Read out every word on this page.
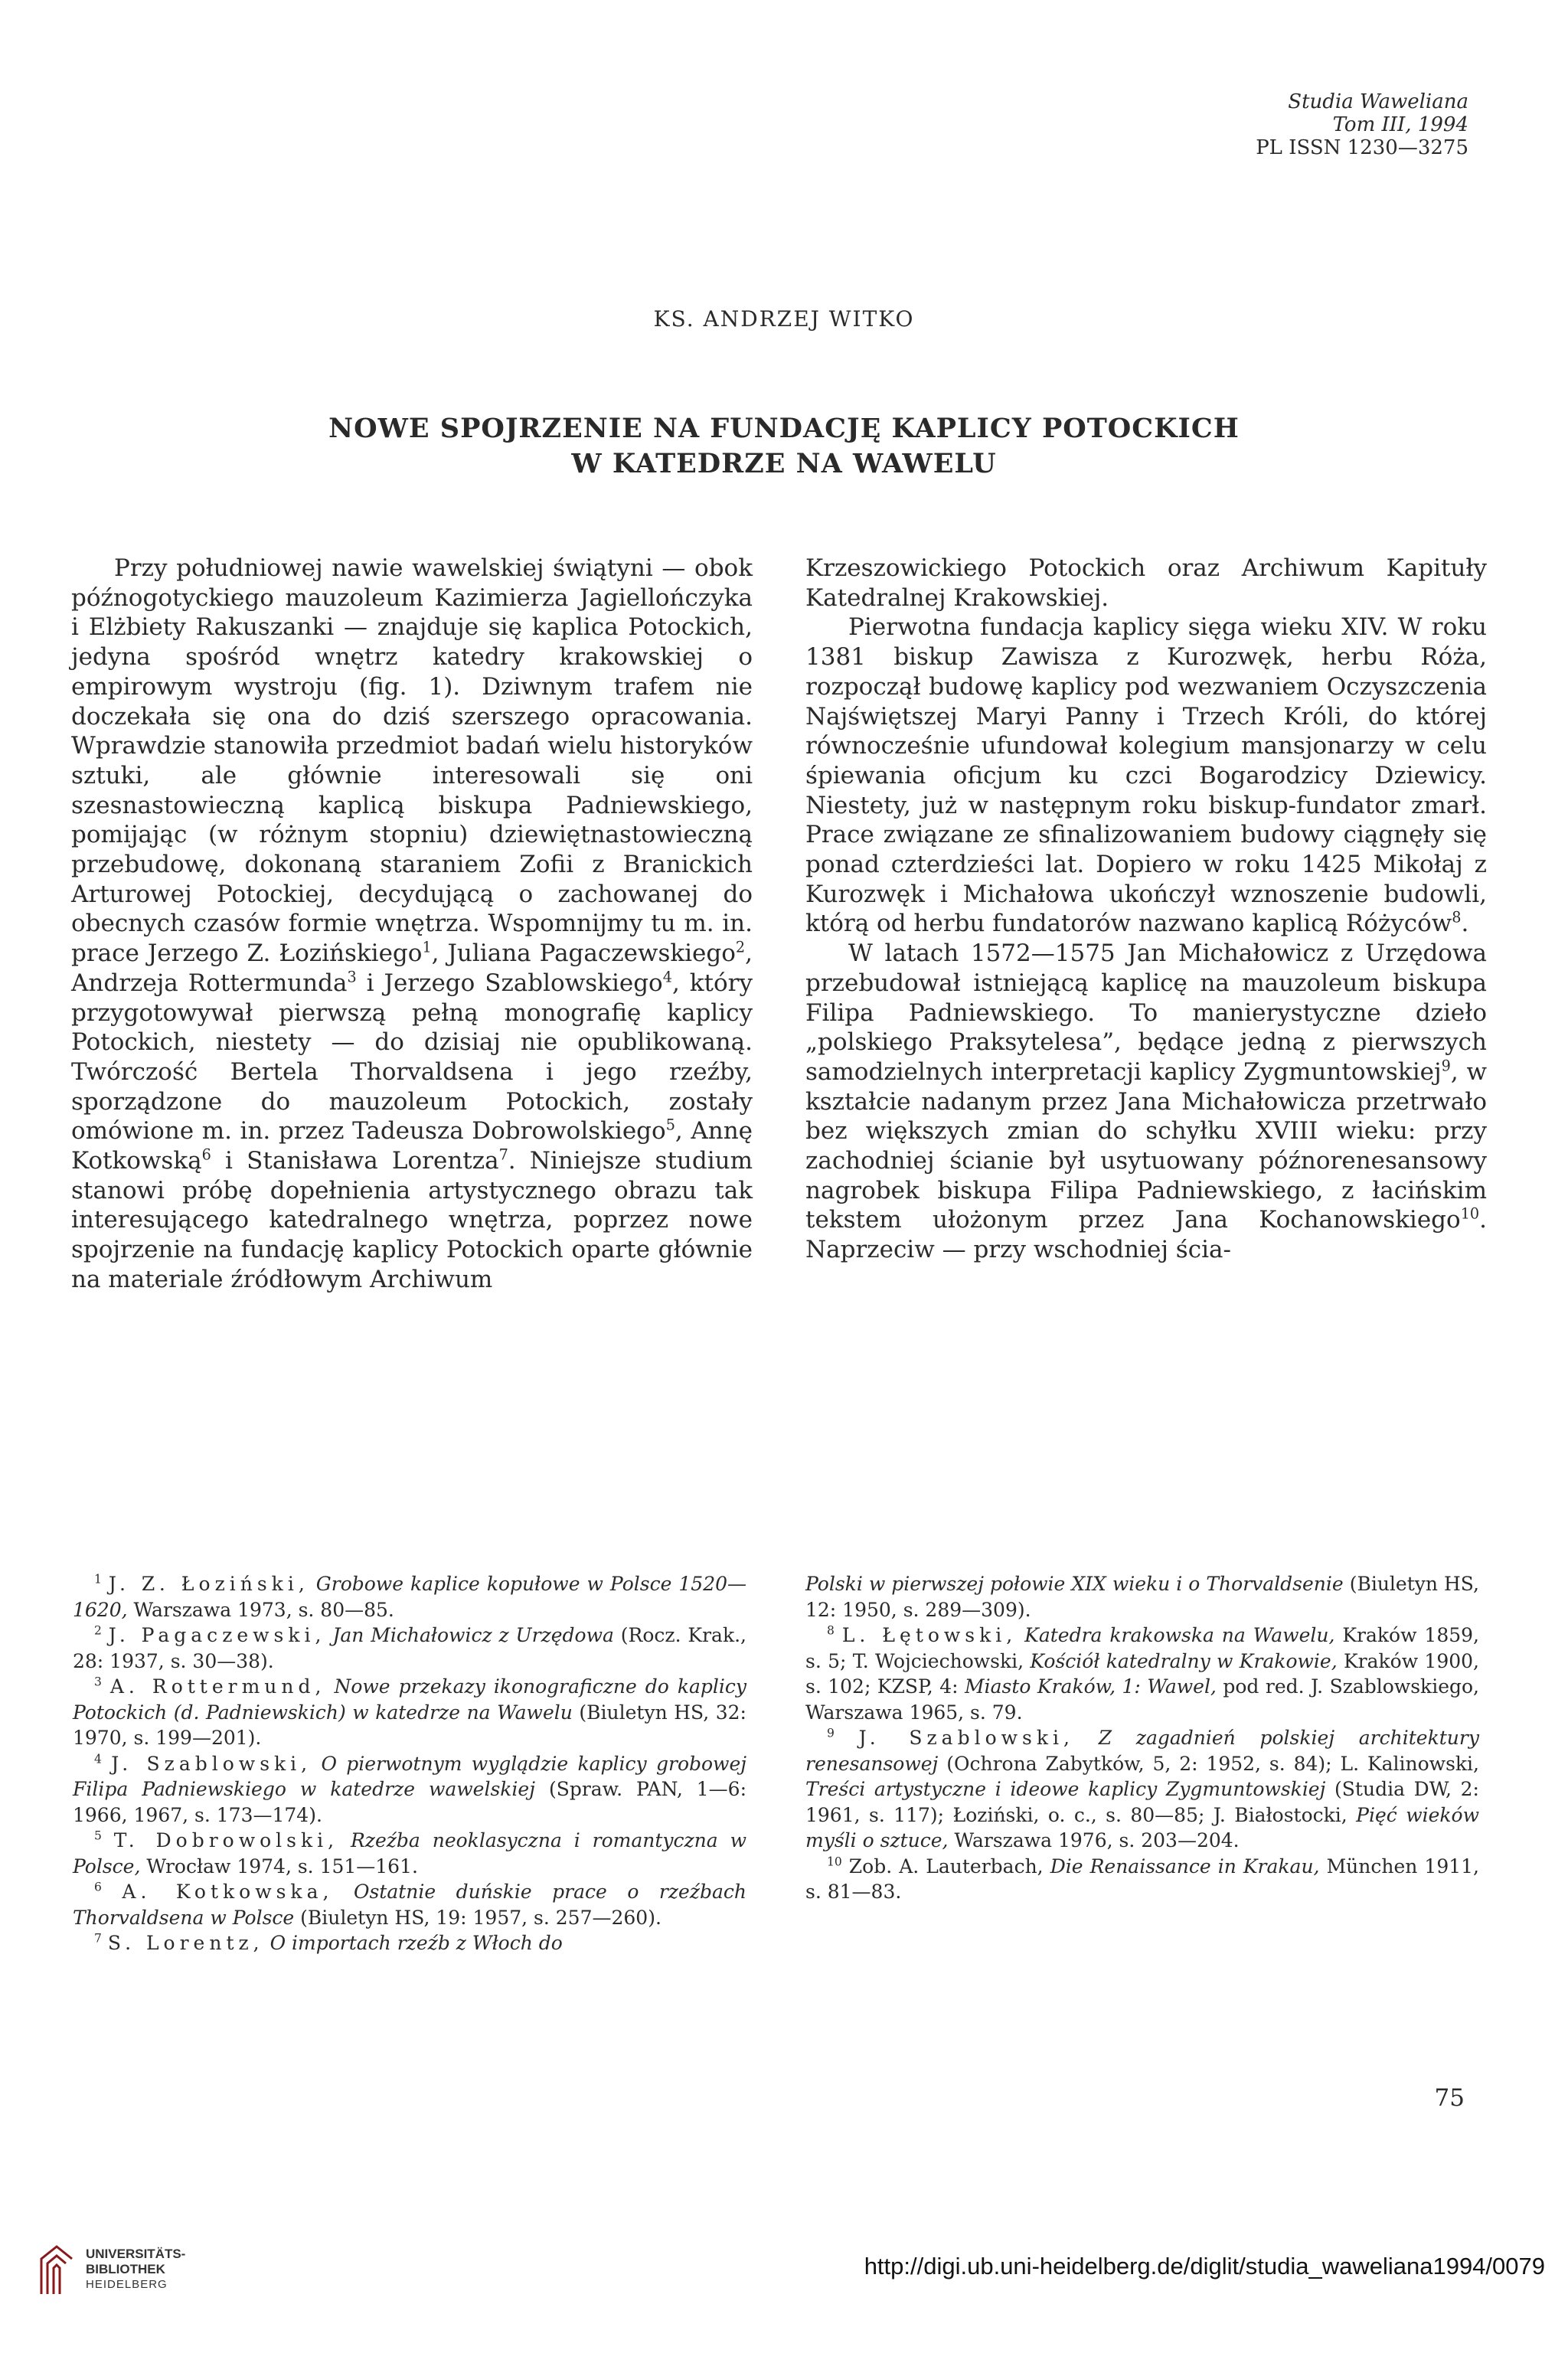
Studia Waweliana
Tom III, 1994
PL ISSN 1230—3275
KS. ANDRZEJ WITKO
NOWE SPOJRZENIE NA FUNDACJĘ KAPLICY POTOCKICH
W KATEDRZE NA WAWELU

Przy południowej nawie wawelskiej świątyni — obok późnogotyckiego mauzoleum Kazimierza Jagiellończyka i Elżbiety Rakuszanki — znajduje się kaplica Potockich, jedyna spośród wnętrz katedry krakowskiej o empirowym wystroju (fig. 1). Dziwnym trafem nie doczekała się ona do dziś szerszego opracowania. Wprawdzie stanowiła przedmiot badań wielu historyków sztuki, ale głównie interesowali się oni szesnastowieczną kaplicą biskupa Padniewskiego, pomijając (w różnym stopniu) dziewiętnastowieczną przebudowę, dokonaną staraniem Zofii z Branickich Arturowej Potockiej, decydującą o zachowanej do obecnych czasów formie wnętrza. Wspomnijmy tu m. in. prace Jerzego Z. Łozińskiego$^1$, Juliana Pagaczewskiego$^2$, Andrzeja Rottermunda$^3$ i Jerzego Szablowskiego$^4$, który przygotowywał pierwszą pełną monografię kaplicy Potockich, niestety — do dzisiaj nie opublikowaną. Twórczość Bertela Thorvaldsena i jego rzeźby, sporządzone do mauzoleum Potockich, zostały omówione m. in. przez Tadeusza Dobrowolskiego$^5$, Annę Kotkowską$^6$ i Stanisława Lorentza$^7$. Niniejsze studium stanowi próbę dopełnienia artystycznego obrazu tak interesującego katedralnego wnętrza, poprzez nowe spojrzenie na fundację kaplicy Potockich oparte głównie na materiale źródłowym Archiwum

Krzeszowickiego Potockich oraz Archiwum Kapituły Katedralnej Krakowskiej.

Pierwotna fundacja kaplicy sięga wieku XIV. W roku 1381 biskup Zawisza z Kurozwęk, herbu Róża, rozpoczął budowę kaplicy pod wezwaniem Oczyszczenia Najświętszej Maryi Panny i Trzech Króli, do której równocześnie ufundował kolegium mansjonarzy w celu śpiewania oficjum ku czci Bogarodzicy Dziewicy. Niestety, już w następnym roku biskup-fundator zmarł. Prace związane ze sfinalizowaniem budowy ciągnęły się ponad czterdzieści lat. Dopiero w roku 1425 Mikołaj z Kurozwęk i Michałowa ukończył wznoszenie budowli, którą od herbu fundatorów nazwano kaplicą Różyców$^8$.

W latach 1572—1575 Jan Michałowicz z Urzędowa przebudował istniejącą kaplicę na mauzoleum biskupa Filipa Padniewskiego. To manierystyczne dzieło „polskiego Praksytelesa”, będące jedną z pierwszych samodzielnych interpretacji kaplicy Zygmuntowskiej$^9$, w kształcie nadanym przez Jana Michałowicza przetrwało bez większych zmian do schyłku XVIII wieku: przy zachodniej ścianie był usytuowany późnorenesansowy nagrobek biskupa Filipa Padniewskiego, z łacińskim tekstem ułożonym przez Jana Kochanowskiego$^{10}$. Naprzeciw — przy wschodniej ścia-

$^1$ J. Z. Łoziński, Grobowe kaplice kopułowe w Polsce 1520—1620, Warszawa 1973, s. 80—85.

$^2$ J. Pagaczewski, Jan Michałowicz z Urzędowa (Rocz. Krak., 28: 1937, s. 30—38).

$^3$ A. Rottermund, Nowe przekazy ikonograficzne do kaplicy Potockich (d. Padniewskich) w katedrze na Wawelu (Biuletyn HS, 32: 1970, s. 199—201).

$^4$ J. Szablowski, O pierwotnym wyglądzie kaplicy grobowej Filipa Padniewskiego w katedrze wawelskiej (Spraw. PAN, 1—6: 1966, 1967, s. 173—174).

$^5$ T. Dobrowolski, Rzeźba neoklasyczna i romantyczna w Polsce, Wrocław 1974, s. 151—161.

$^6$ A. Kotkowska, Ostatnie duńskie prace o rzeźbach Thorvaldsena w Polsce (Biuletyn HS, 19: 1957, s. 257—260).

$^7$ S. Lorentz, O importach rzeźb z Włoch do

Polski w pierwszej połowie XIX wieku i o Thorvaldsenie (Biuletyn HS, 12: 1950, s. 289—309).

$^8$ L. Łętowski, Katedra krakowska na Wawelu, Kraków 1859, s. 5; T. Wojciechowski, Kościół katedralny w Krakowie, Kraków 1900, s. 102; KZSP, 4: Miasto Kraków, 1: Wawel, pod red. J. Szablowskiego, Warszawa 1965, s. 79.

$^9$ J. Szablowski, Z zagadnień polskiej architektury renesansowej (Ochrona Zabytków, 5, 2: 1952, s. 84); L. Kalinowski, Treści artystyczne i ideowe kaplicy Zygmuntowskiej (Studia DW, 2: 1961, s. 117); Łoziński, o. c., s. 80—85; J. Białostocki, Pięć wieków myśli o sztuce, Warszawa 1976, s. 203—204.

$^{10}$ Zob. A. Lauterbach, Die Renaissance in Krakau, München 1911, s. 81—83.

75
UNIVERSITÄTS-
BIBLIOTHEK
HEIDELBERG
http://digi.ub.uni-heidelberg.de/diglit/studia_waweliana1994/0079
